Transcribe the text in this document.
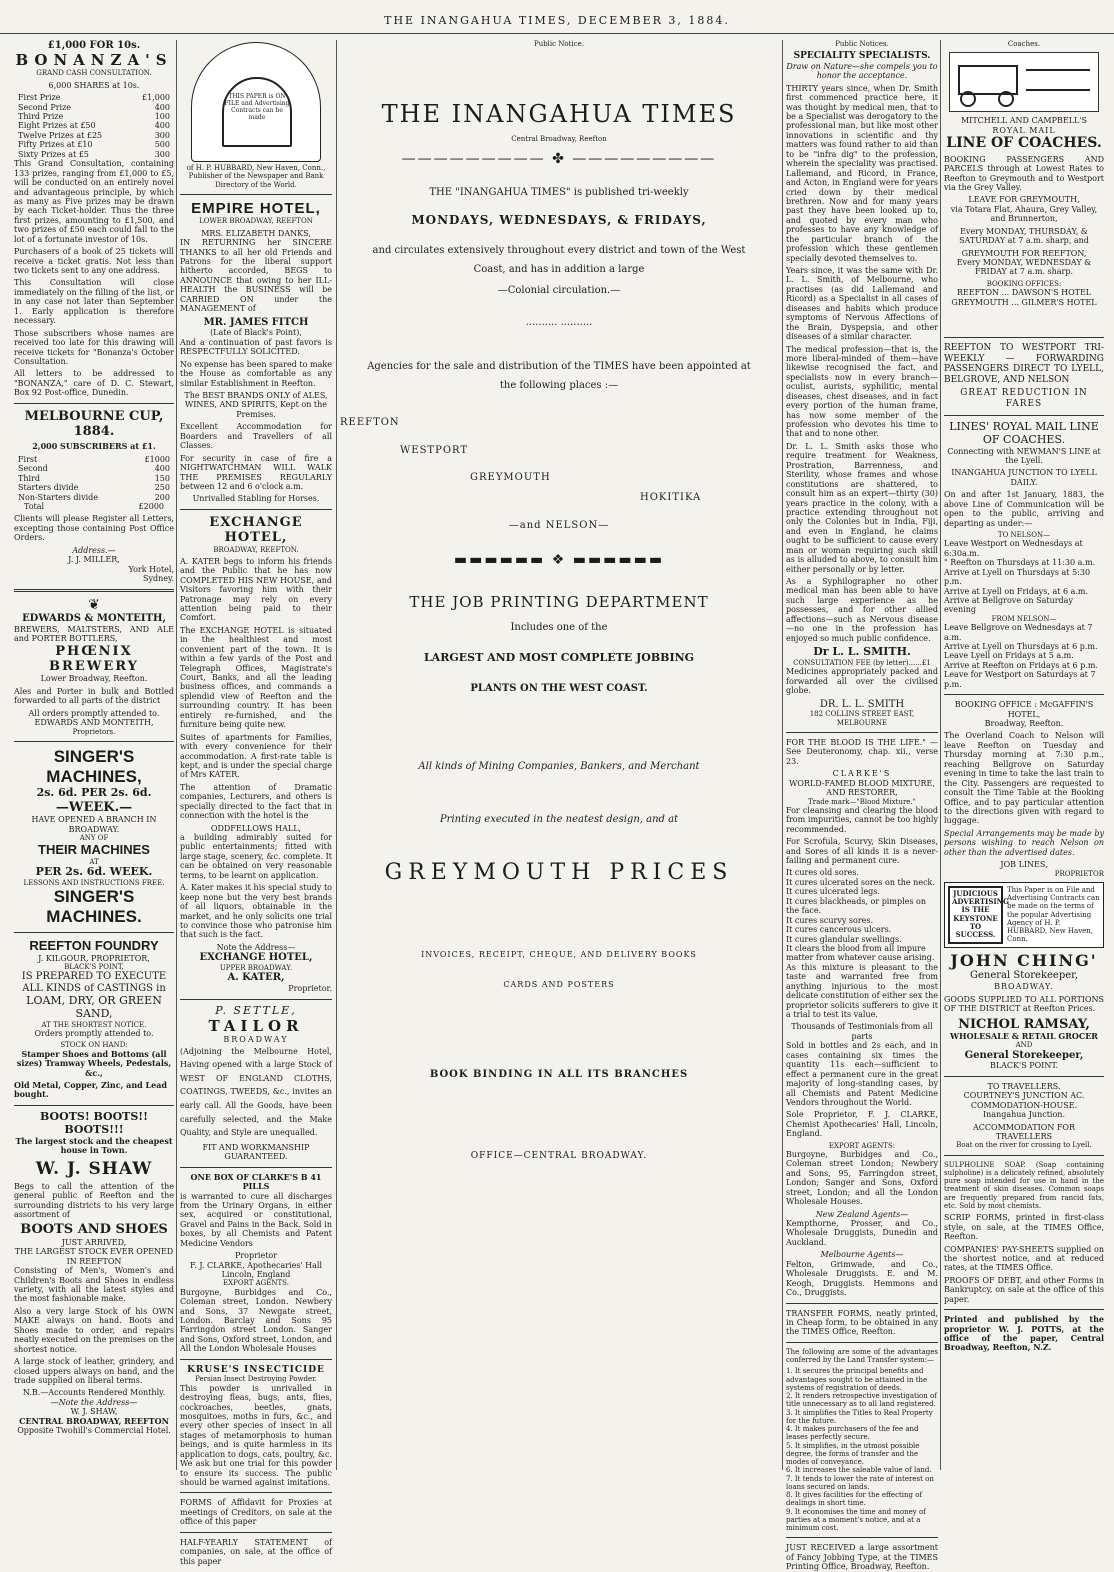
THE INANGAHUA TIMES, DECEMBER 3, 1884.
£1,000 FOR 10s.
BONANZA'S
GRAND CASH CONSULTATION.
6,000 SHARES at 10s.
First Prize	£1,000
Second Prize	400
Third Prize	100
Eight Prizes at £50	400
Twelve Prizes at £25	300
Fifty Prizes at £10	500
Sixty Prizes at £5	300
This Grand Consultation, containing 133 prizes, ranging from £1,000 to £5, will be conducted on an entirely novel and advantageous principle, by which as many as Five prizes may be drawn by each Ticket-holder. Thus the three first prizes, amounting to £1,500, and two prizes of £50 each could fall to the lot of a fortunate investor of 10s.
Purchasers of a book of 25 tickets will receive a ticket gratis. Not less than two tickets sent to any one address.
This Consultation will close immediately on the filling of the list, or in any case not later than September 1. Early application is therefore necessary.
Those subscribers whose names are received too late for this drawing will receive tickets for "Bonanza's October Consultation.
All letters to be addressed to "BONANZA," care of D. C. Stewart, Box 92 Post-office, Dunedin.
MELBOURNE CUP, 1884.
2,000 SUBSCRIBERS at £1.
First	£1000
Second	400
Third	150
Starters divide	250
Non-Starters divide	200
Total	£2000
Clients will please Register all Letters, excepting those containing Post Office Orders.
Address.—
J. J. MILLER,
York Hotel,
Sydney.
❦
EDWARDS & MONTEITH,
BREWERS, MALTSTERS, AND ALE and PORTER BOTTLERS,
PHŒNIX BREWERY
Lower Broadway, Reefton.
Ales and Porter in bulk and Bottled forwarded to all parts of the district
All orders promptly attended to.
EDWARDS AND MONTEITH,
Proprietors.
SINGER'S MACHINES,
2s. 6d. PER 2s. 6d.
—WEEK.—
HAVE OPENED A BRANCH IN BROADWAY.
ANY OF
THEIR MACHINES
AT
PER 2s. 6d. WEEK.
LESSONS AND INSTRUCTIONS FREE.
SINGER'S MACHINES.
REEFTON FOUNDRY
J. KILGOUR, PROPRIETOR,
BLACK'S POINT,
IS PREPARED TO EXECUTE ALL KINDS of CASTINGS in
LOAM, DRY, OR GREEN SAND,
AT THE SHORTEST NOTICE.
Orders promptly attended to.
STOCK ON HAND:
Stamper Shoes and Bottoms (all sizes) Tramway Wheels, Pedestals, &c.,
Old Metal, Copper, Zinc, and Lead bought.
BOOTS! BOOTS!! BOOTS!!!
The largest stock and the cheapest house in Town.
W. J. SHAW
Begs to call the attention of the general public of Reefton and the surrounding districts to his very large assortment of
BOOTS AND SHOES
JUST ARRIVED,
THE LARGEST STOCK EVER OPENED IN REEFTON
Consisting of Men's, Women's and Children's Boots and Shoes in endless variety, with all the latest styles and the most fashionable make.
Also a very large Stock of his OWN MAKE always on hand. Boots and Shoes made to order, and repairs neatly executed on the premises on the shortest notice.
A large stock of leather, grindery, and closed uppers always on hand, and the trade supplied on liberal terms.
N.B.—Accounts Rendered Monthly.
—Note the Address—
W. J. SHAW,
CENTRAL BROADWAY, REEFTON
Opposite Twohill's Commercial Hotel.
THIS PAPER is ON FILE and Advertising Contracts can be made
of H. P. HUBBARD, New Haven, Conn., Publisher of the Newspaper and Bank Directory of the World.
EMPIRE HOTEL,
LOWER BROADWAY, REEFTON
MRS. ELIZABETH DANKS,
IN RETURNING her SINCERE THANKS to all her old Friends and Patrons for the liberal support hitherto accorded, BEGS to ANNOUNCE that owing to her ILL-HEALTH the BUSINESS will be CARRIED ON under the MANAGEMENT of
MR. JAMES FITCH
(Late of Black's Point),
And a continuation of past favors is RESPECTFULLY SOLICITED.
No expense has been spared to make the House as comfortable as any similar Establishment in Reefton.
The BEST BRANDS ONLY of ALES, WINES, AND SPIRITS, Kept on the Premises.
Excellent Accommodation for Boarders and Travellers of all Classes.
For security in case of fire a NIGHTWATCHMAN WILL WALK THE PREMISES REGULARLY between 12 and 6 o'clock a.m.
Unrivalled Stabling for Horses.
EXCHANGE HOTEL,
BROADWAY, REEFTON.
A. KATER begs to inform his friends and the Public that he has now COMPLETED HIS NEW HOUSE, and Visitors favoring him with their Patronage may rely on every attention being paid to their Comfort.
The EXCHANGE HOTEL is situated in the healthiest and most convenient part of the town. It is within a few yards of the Post and Telegraph Offices, Magistrate's Court, Banks, and all the leading business offices, and commands a splendid view of Reefton and the surrounding country. It has been entirely re-furnished, and the furniture being quite new.
Suites of apartments for Families, with every convenience for their accommodation. A first-rate table is kept, and is under the special charge of Mrs KATER.
The attention of Dramatic companies, Lecturers, and others is specially directed to the fact that in connection with the hotel is the
ODDFELLOWS HALL,
a building admirably suited for public entertainments; fitted with large stage, scenery, &c. complete. It can be obtained on very reasonable terms, to be learnt on application.
A. Kater makes it his special study to keep none but the very best brands of all liquors, obtainable in the market, and he only solicits one trial to convince those who patronise him that such is the fact.
Note the Address—
EXCHANGE HOTEL,
UPPER BROADWAY.
A. KATER,
Proprietor.
P. SETTLE,
TAILOR
BROADWAY
(Adjoining the Melbourne Hotel, Having opened with a large Stock of WEST OF ENGLAND CLOTHS, COATINGS, TWEEDS, &c., invites an early call. All the Goods, have been carefully selected, and the Make Quality, and Style are unequalled.
FIT AND WORKMANSHIP GUARANTEED.
ONE BOX OF CLARKE'S B 41 PILLS
is warranted to cure all discharges from the Urinary Organs, in either sex, acquired or constitutional, Gravel and Pains in the Back. Sold in boxes, by all Chemists and Patent Medicine Vendors
Proprietor
F. J. CLARKE, Apothecaries' Hall
Lincoln, England
EXPORT AGENTS.
Burgoyne, Burbidges and Co., Coleman street, London. Newbery and Sons, 37 Newgate street, London. Barclay and Sons 95 Farringdon street London. Sanger and Sons, Oxford street, London, and All the London Wholesale Houses
KRUSE'S INSECTICIDE
Persian Insect Destroying Powder.
This powder is unrivalled in destroying fleas, bugs, ants, flies, cockroaches, beetles, gnats, mosquitoes, moths in furs, &c., and every other species of insect in all stages of metamorphosis to human beings, and is quite harmless in its application to dogs, cats, poultry, &c. We ask but one trial for this powder to ensure its success. The public should be warned against imitations.
FORMS of Affidavit for Proxies at meetings of Creditors, on sale at the office of this paper
HALF-YEARLY STATEMENT of companies, on sale, at the office of this paper
Public Notice.
THE INANGAHUA TIMES
Central Broadway, Reefton
————————— ✤ —————————
THE "INANGAHUA TIMES" is published tri-weekly
MONDAYS, WEDNESDAYS, & FRIDAYS,
and circulates extensively throughout every district and town of the West Coast, and has in addition a large
—Colonial circulation.—
.......... ..........
Agencies for the sale and distribution of the TIMES have been appointed at the following places :—
REEFTON
WESTPORT
GREYMOUTH
HOKITIKA
—and NELSON—
▬▬▬▬▬▬ ❖ ▬▬▬▬▬▬
THE JOB PRINTING DEPARTMENT
Includes one of the
LARGEST AND MOST COMPLETE JOBBING
PLANTS ON THE WEST COAST.
All kinds of Mining Companies, Bankers, and Merchant
Printing executed in the neatest design, and at
GREYMOUTH PRICES
INVOICES, RECEIPT, CHEQUE, AND DELIVERY BOOKS
CARDS AND POSTERS
BOOK BINDING IN ALL ITS BRANCHES
OFFICE—CENTRAL BROADWAY.
Public Notices.
SPECIALITY SPECIALISTS.
Draw on Nature—she compels you to honor the acceptance.
THIRTY years since, when Dr. Smith first commenced practice here, it was thought by medical men, that to be a Specialist was derogatory to the professional man, but like most other innovations in scientific and thy matters was found rather to aid than to be "infra dig" to the profession, wherein the speciality was practised. Lallemand, and Ricord, in France, and Acton, in England were for years cried down by their medical brethren. Now and for many years past they have been looked up to, and quoted by every man who professes to have any knowledge of the particular branch of the profession which these gentlemen specially devoted themselves to.
Years since, it was the same with Dr. L. L. Smith, of Melbourne, who practises (as did Lallemand and Ricord) as a Specialist in all cases of diseases and habits which produce symptoms of Nervous Affections of the Brain, Dyspepsia, and other diseases of a similar character.
The medical profession—that is, the more liberal-minded of them—have likewise recognised the fact, and specialists now in every branch—oculist, aurists, syphilitic, mental diseases, chest diseases, and in fact every portion of the human frame, has now some member of the profession who devotes his time to that and to none other.
Dr. L. L. Smith asks those who require treatment for Weakness, Prostration, Barrenness, and Sterility, whose frames and whose constitutions are shattered, to consult him as an expert—thirty (30) years practice in the colony, with a practice extending throughout not only the Colonies but in India, Fiji, and even in England, he claims ought to be sufficient to cause every man or woman requiring such skill as is alluded to above, to consult him either personally or by letter.
As a Syphilographer no other medical man has been able to have such large experience as he possesses, and for other allied affections—such as Nervous disease —no one in the profession has enjoyed so much public confidence.
Dr L. L. SMITH.
CONSULTATION FEE (by letter)......£1
Medicines appropriately packed and forwarded all over the civilised globe.
DR. L. L. SMITH
182 COLLINS STREET EAST, MELBOURNE
FOR THE BLOOD IS THE LIFE." —See Deuteronomy, chap. xii., verse 23.
CLARKE'S
WORLD-FAMED BLOOD MIXTURE,
AND RESTORER,
Trade mark—"Blood Mixture."
For cleansing and clearing the blood from impurities, cannot be too highly recommended.
For Scrofula, Scurvy, Skin Diseases, and Sores of all kinds it is a never-failing and permanent cure.
It cures old sores.
It cures ulcerated sores on the neck.
It cures ulcerated legs.
It cures blackheads, or pimples on the face.
It cures scurvy sores.
It cures cancerous ulcers.
It cures glandular swellings.
It clears the blood from all impure matter from whatever cause arising.
As this mixture is pleasant to the taste and warranted free from anything injurious to the most delicate constitution of either sex the proprietor solicits sufferers to give it a trial to test its value.
Thousands of Testimonials from all parts
Sold in bottles and 2s each, and in cases containing six times the quantity 11s each—sufficient to effect a permanent cure in the great majority of long-standing cases, by all Chemists and Patent Medicine Vendors throughout the World.
Sole Proprietor, F. J. CLARKE, Chemist Apothecaries' Hall, Lincoln, England.
EXPORT AGENTS:
Burgoyne, Burbidges and Co., Coleman street London; Newbery and Sons, 95, Farringdon street, London; Sanger and Sons, Oxford street, London; and all the London Wholesale Houses.
New Zealand Agents—
Kempthorne, Prosser, and Co., Wholesale Druggists, Dunedin and Auckland.
Melbourne Agents—
Felton, Grimwade, and Co., Wholesale Druggists. E. and M. Keogh, Druggists. Hemmons and Co., Druggists.
TRANSFER FORMS, neatly printed, in Cheap form, to be obtained in any the TIMES Office, Reefton.
The following are some of the advantages conferred by the Land Transfer system:—
1. It secures the principal benefits and advantages sought to be attained in the systems of registration of deeds.
2. It renders retrospective investigation of title unnecessary as to all land registered.
3. It simplifies the Titles to Real Property for the future.
4. It makes purchasers of the fee and leases perfectly secure.
5. It simplifies, in the utmost possible degree, the forms of transfer and the modes of conveyance.
6. It increases the saleable value of land.
7. It tends to lower the rate of interest on loans secured on lands.
8. It gives facilities for the effecting of dealings in short time.
9. It economises the time and money of parties at a moment's notice, and at a minimum cost.
JUST RECEIVED a large assortment of Fancy Jobbing Type, at the TIMES Printing Office, Broadway, Reefton.
Coaches.
MITCHELL AND CAMPBELL'S
ROYAL MAIL
LINE OF COACHES.
BOOKING PASSENGERS AND PARCELS through at Lowest Rates to Reefton to Greymouth and to Westport via the Grey Valley.
LEAVE FOR GREYMOUTH,
via Totara Flat, Ahaura, Grey Valley, and Brunnerton,
Every MONDAY, THURSDAY, & SATURDAY at 7 a.m. sharp, and
GREYMOUTH FOR REEFTON,
Every MONDAY, WEDNESDAY & FRIDAY at 7 a.m. sharp.
BOOKING OFFICES:
REEFTON ... DAWSON'S HOTEL
GREYMOUTH ... GILMER'S HOTEL
REEFTON TO WESTPORT TRI-WEEKLY — FORWARDING PASSENGERS DIRECT TO LYELL, BELGROVE, AND NELSON
GREAT REDUCTION IN FARES
LINES' ROYAL MAIL LINE OF COACHES.
Connecting with NEWMAN'S LINE at the Lyell.
INANGAHUA JUNCTION TO LYELL DAILY.
On and after 1st January, 1883, the above Line of Communication will be open to the public, arriving and departing as under:—
TO NELSON—
Leave Westport on Wednesdays at 6:30a.m.
" Reefton on Thursdays at 11:30 a.m.
Arrive at Lyell on Thursdays at 5:30 p.m.
Arrive at Lyell on Fridays, at 6 a.m.
Arrive at Bellgrove on Saturday evening
FROM NELSON—
Leave Bellgrove on Wednesdays at 7 a.m.
Arrive at Lyell on Thursdays at 6 p.m.
Leave Lyell on Fridays at 5 a.m.
Arrive at Reefton on Fridays at 6 p.m.
Leave for Westport on Saturdays at 7 p.m.
BOOKING OFFICE : McGAFFIN'S HOTEL,
Broadway, Reefton.
The Overland Coach to Nelson will leave Reefton on Tuesday and Thursday morning at 7:30 p.m., reaching Bellgrove on Saturday evening in time to take the last train to the City. Passengers are requested to consult the Time Table at the Booking Office, and to pay particular attention to the directions given with regard to luggage.
Special Arrangements may be made by persons wishing to reach Nelson on other than the advertised dates.
JOB LINES,
PROPRIETOR
JUDICIOUS ADVERTISING IS THE KEYSTONE TO SUCCESS.
This Paper is on File and Advertising Contracts can be made on the terms of the popular Advertising Agency of H. P. HUBBARD, New Haven, Conn.
JOHN CHING'
General Storekeeper,
BROADWAY.
GOODS SUPPLIED TO ALL PORTIONS OF THE DISTRICT at Reefton Prices.
NICHOL RAMSAY,
WHOLESALE & RETAIL GROCER
AND
General Storekeeper,
BLACK'S POINT.
TO TRAVELLERS.
COURTNEY'S JUNCTION AC. COMMODATION-HOUSE.
Inangahua Junction.
ACCOMMODATION FOR TRAVELLERS
Boat on the river for crossing to Lyell.
SULPHOLINE SOAP. (Soap containing sulpholine) is a delicately refined, absolutely pure soap intended for use in hand in the treatment of skin diseases. Common soaps are frequently prepared from rancid fats, etc. Sold by most chemists.
SCRIP FORMS, printed in first-class style, on sale, at the TIMES Office, Reefton.
COMPANIES' PAY-SHEETS supplied on the shortest notice, and at reduced rates, at the TIMES Office.
PROOFS OF DEBT, and other Forms in Bankruptcy, on sale at the office of this paper.
Printed and published by the proprietor W. J. POTTS, at the office of the paper, Central Broadway, Reefton, N.Z.
